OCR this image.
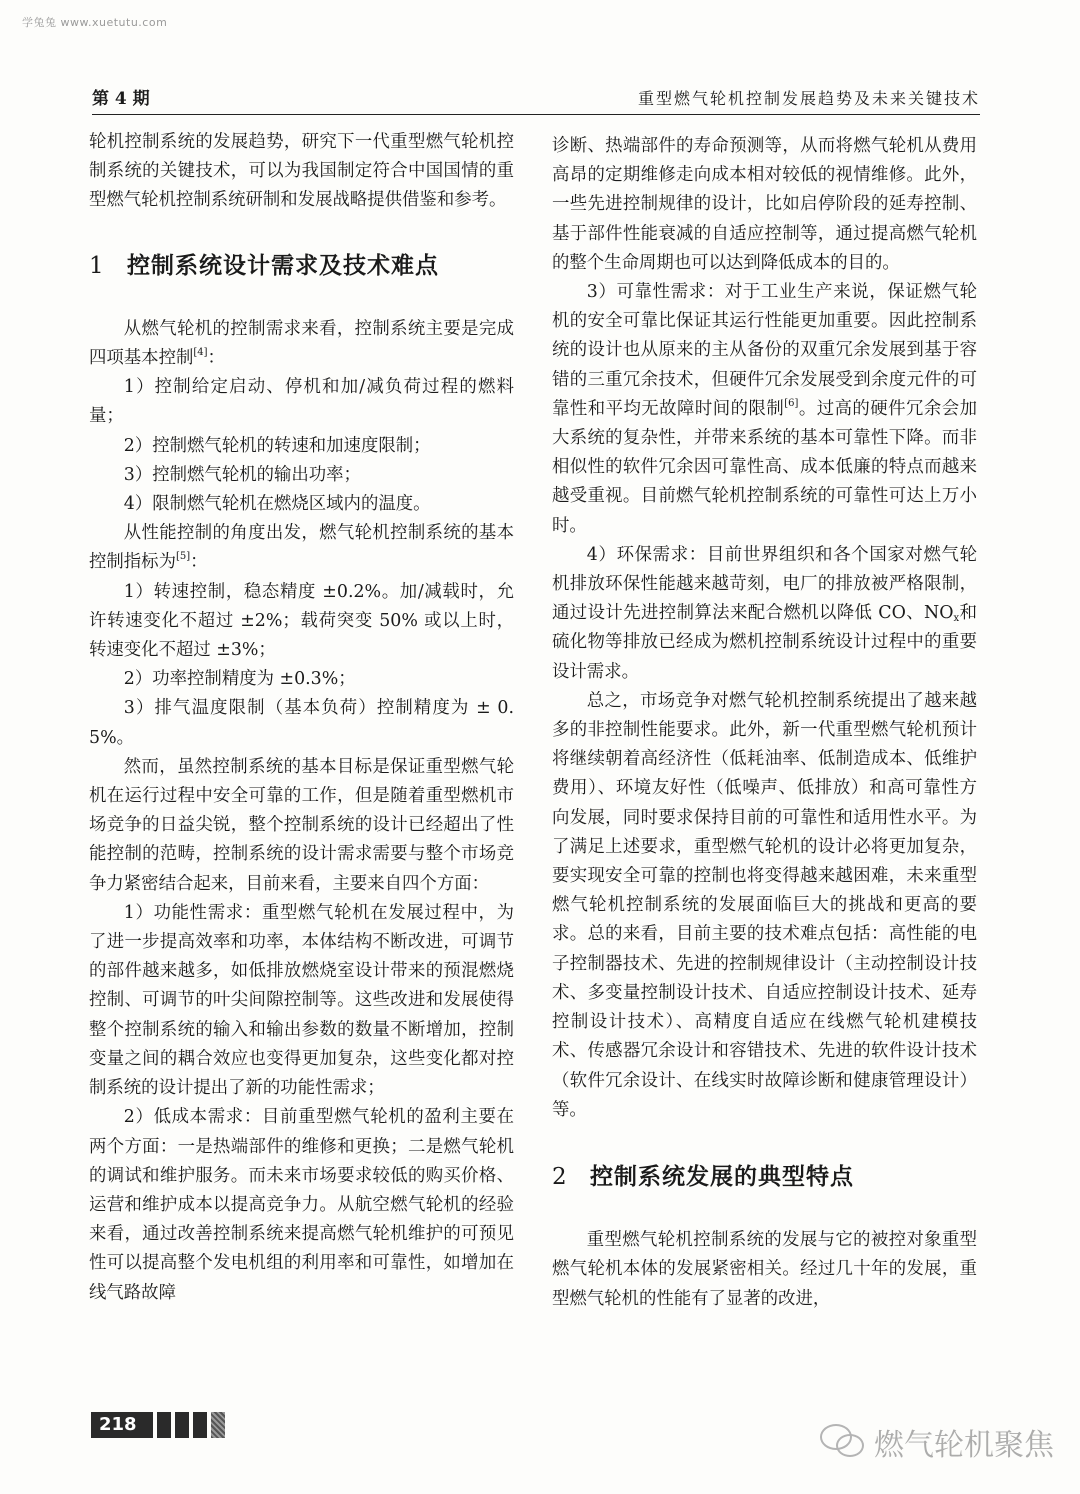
学兔兔 www.xuetutu.com
第 4 期	重型燃气轮机控制发展趋势及未来关键技术

轮机控制系统的发展趋势，研究下一代重型燃气轮机控制系统的关键技术，可以为我国制定符合中国国情的重型燃气轮机控制系统研制和发展战略提供借鉴和参考。

1 控制系统设计需求及技术难点

从燃气轮机的控制需求来看，控制系统主要是完成四项基本控制[4]：

1）控制给定启动、停机和加/减负荷过程的燃料量；

2）控制燃气轮机的转速和加速度限制；

3）控制燃气轮机的输出功率；

4）限制燃气轮机在燃烧区域内的温度。

从性能控制的角度出发，燃气轮机控制系统的基本控制指标为[5]：

1）转速控制，稳态精度 ±0.2%。加/减载时，允许转速变化不超过 ±2%；载荷突变 50% 或以上时，转速变化不超过 ±3%；

2）功率控制精度为 ±0.3%；

3）排气温度限制（基本负荷）控制精度为 ± 0.5%。

然而，虽然控制系统的基本目标是保证重型燃气轮机在运行过程中安全可靠的工作，但是随着重型燃机市场竞争的日益尖锐，整个控制系统的设计已经超出了性能控制的范畴，控制系统的设计需求需要与整个市场竞争力紧密结合起来，目前来看，主要来自四个方面：

1）功能性需求：重型燃气轮机在发展过程中，为了进一步提高效率和功率，本体结构不断改进，可调节的部件越来越多，如低排放燃烧室设计带来的预混燃烧控制、可调节的叶尖间隙控制等。这些改进和发展使得整个控制系统的输入和输出参数的数量不断增加，控制变量之间的耦合效应也变得更加复杂，这些变化都对控制系统的设计提出了新的功能性需求；

2）低成本需求：目前重型燃气轮机的盈利主要在两个方面：一是热端部件的维修和更换；二是燃气轮机的调试和维护服务。而未来市场要求较低的购买价格、运营和维护成本以提高竞争力。从航空燃气轮机的经验来看，通过改善控制系统来提高燃气轮机维护的可预见性可以提高整个发电机组的利用率和可靠性，如增加在线气路故障

诊断、热端部件的寿命预测等，从而将燃气轮机从费用高昂的定期维修走向成本相对较低的视情维修。此外，一些先进控制规律的设计，比如启停阶段的延寿控制、基于部件性能衰减的自适应控制等，通过提高燃气轮机的整个生命周期也可以达到降低成本的目的。

3）可靠性需求：对于工业生产来说，保证燃气轮机的安全可靠比保证其运行性能更加重要。因此控制系统的设计也从原来的主从备份的双重冗余发展到基于容错的三重冗余技术，但硬件冗余发展受到余度元件的可靠性和平均无故障时间的限制[6]。过高的硬件冗余会加大系统的复杂性，并带来系统的基本可靠性下降。而非相似性的软件冗余因可靠性高、成本低廉的特点而越来越受重视。目前燃气轮机控制系统的可靠性可达上万小时。

4）环保需求：目前世界组织和各个国家对燃气轮机排放环保性能越来越苛刻，电厂的排放被严格限制，通过设计先进控制算法来配合燃机以降低 CO、$NO_x$和硫化物等排放已经成为燃机控制系统设计过程中的重要设计需求。

总之，市场竞争对燃气轮机控制系统提出了越来越多的非控制性能要求。此外，新一代重型燃气轮机预计将继续朝着高经济性（低耗油率、低制造成本、低维护费用）、环境友好性（低噪声、低排放）和高可靠性方向发展，同时要求保持目前的可靠性和适用性水平。为了满足上述要求，重型燃气轮机的设计必将更加复杂，要实现安全可靠的控制也将变得越来越困难，未来重型燃气轮机控制系统的发展面临巨大的挑战和更高的要求。总的来看，目前主要的技术难点包括：高性能的电子控制器技术、先进的控制规律设计（主动控制设计技术、多变量控制设计技术、自适应控制设计技术、延寿控制设计技术）、高精度自适应在线燃气轮机建模技术、传感器冗余设计和容错技术、先进的软件设计技术（软件冗余设计、在线实时故障诊断和健康管理设计）等。

2 控制系统发展的典型特点

重型燃气轮机控制系统的发展与它的被控对象重型燃气轮机本体的发展紧密相关。经过几十年的发展，重型燃气轮机的性能有了显著的改进，

218
燃气轮机聚焦
